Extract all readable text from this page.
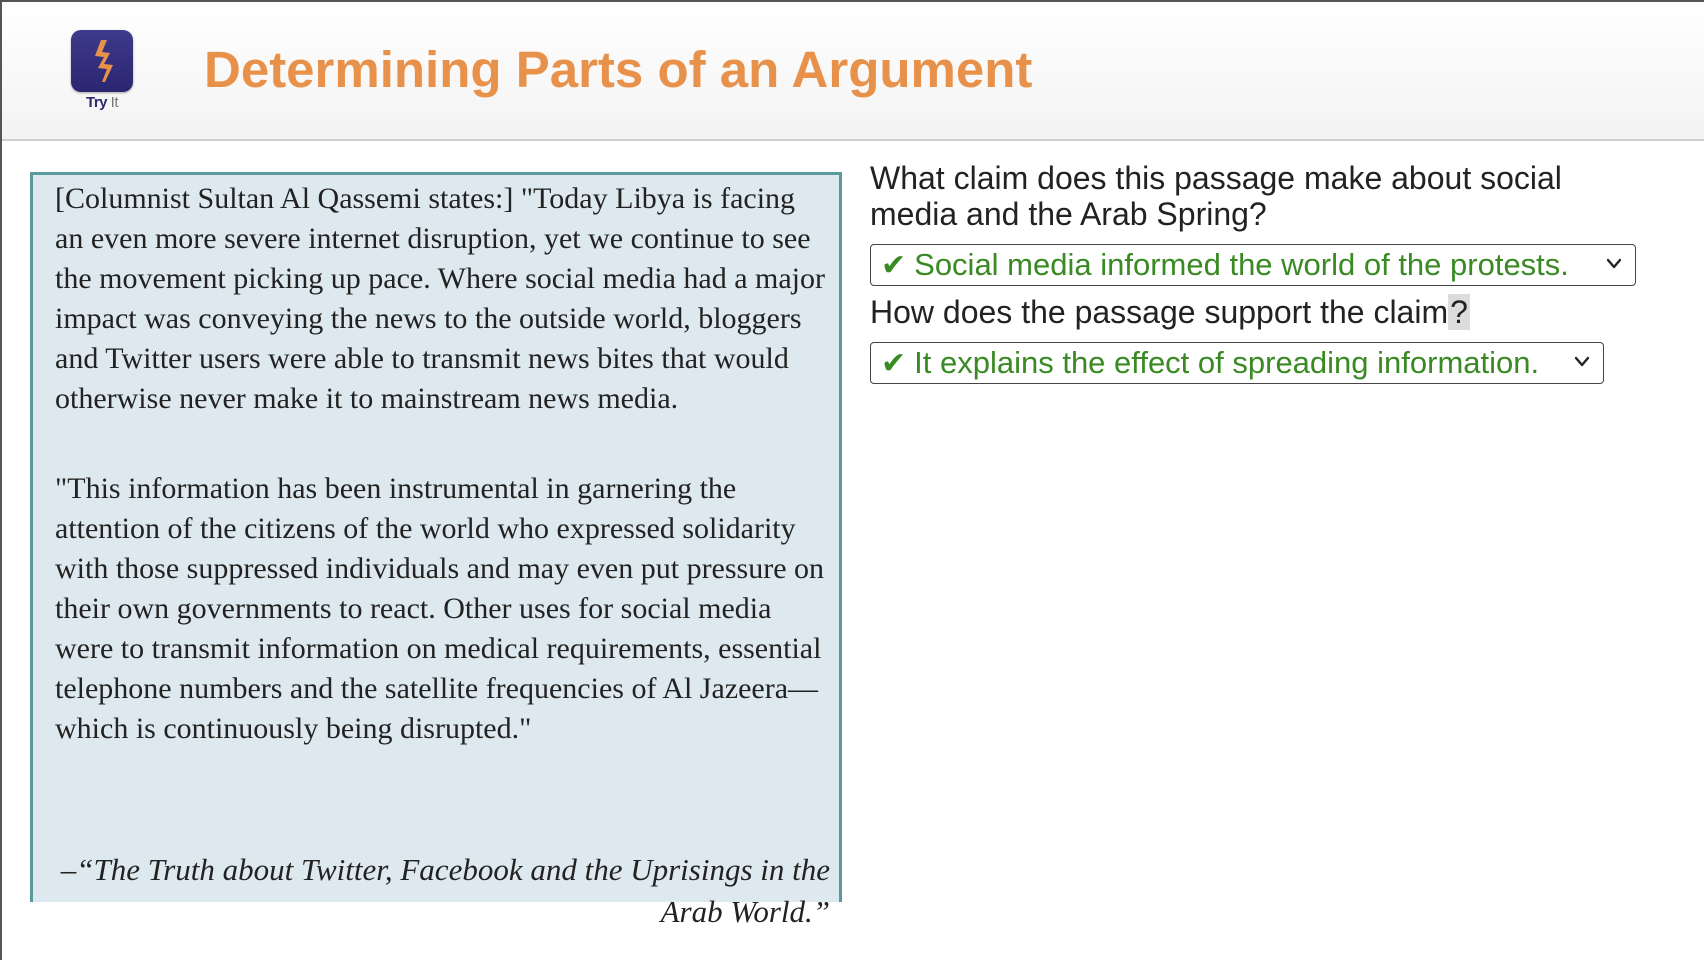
Try It
Determining Parts of an Argument

[Columnist Sultan Al Qassemi states:] "Today Libya is facing an even more severe internet disruption, yet we continue to see the movement picking up pace. Where social media had a major impact was conveying the news to the outside world, bloggers and Twitter users were able to transmit news bites that would otherwise never make it to mainstream news media.

"This information has been instrumental in garnering the attention of the citizens of the world who expressed solidarity with those suppressed individuals and may even put pressure on their own governments to react. Other uses for social media were to transmit information on medical requirements, essential telephone numbers and the satellite frequencies of Al Jazeera—which is continuously being disrupted."

–“The Truth about Twitter, Facebook and the Uprisings in the Arab World.”
What claim does this passage make about social media and the Arab Spring?
✔ Social media informed the world of the protests.
How does the passage support the claim?
✔ It explains the effect of spreading information.
